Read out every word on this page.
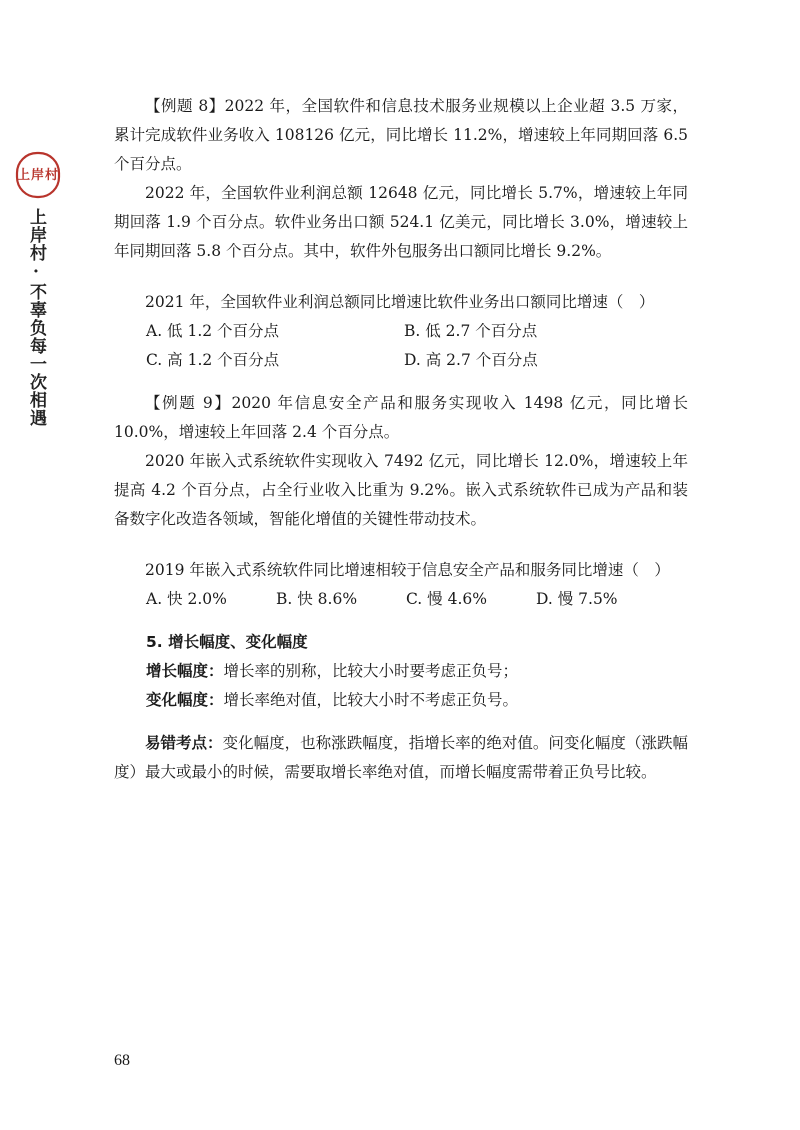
上岸村
上岸村·不辜负每一次相遇

【例题 8】2022 年，全国软件和信息技术服务业规模以上企业超 3.5 万家，累计完成软件业务收入 108126 亿元，同比增长 11.2%，增速较上年同期回落 6.5 个百分点。

2022 年，全国软件业利润总额 12648 亿元，同比增长 5.7%，增速较上年同期回落 1.9 个百分点。软件业务出口额 524.1 亿美元，同比增长 3.0%，增速较上年同期回落 5.8 个百分点。其中，软件外包服务出口额同比增长 9.2%。

2021 年，全国软件业利润总额同比增速比软件业务出口额同比增速（　）

A. 低 1.2 个百分点	B. 低 2.7 个百分点
C. 高 1.2 个百分点	D. 高 2.7 个百分点

【例题 9】2020 年信息安全产品和服务实现收入 1498 亿元，同比增长 10.0%，增速较上年回落 2.4 个百分点。

2020 年嵌入式系统软件实现收入 7492 亿元，同比增长 12.0%，增速较上年提高 4.2 个百分点，占全行业收入比重为 9.2%。嵌入式系统软件已成为产品和装备数字化改造各领域，智能化增值的关键性带动技术。

2019 年嵌入式系统软件同比增速相较于信息安全产品和服务同比增速（　）

A. 快 2.0%	B. 快 8.6%	C. 慢 4.6%	D. 慢 7.5%

5. 增长幅度、变化幅度

增长幅度：增长率的别称，比较大小时要考虑正负号；

变化幅度：增长率绝对值，比较大小时不考虑正负号。

易错考点：变化幅度，也称涨跌幅度，指增长率的绝对值。问变化幅度（涨跌幅度）最大或最小的时候，需要取增长率绝对值，而增长幅度需带着正负号比较。

68
